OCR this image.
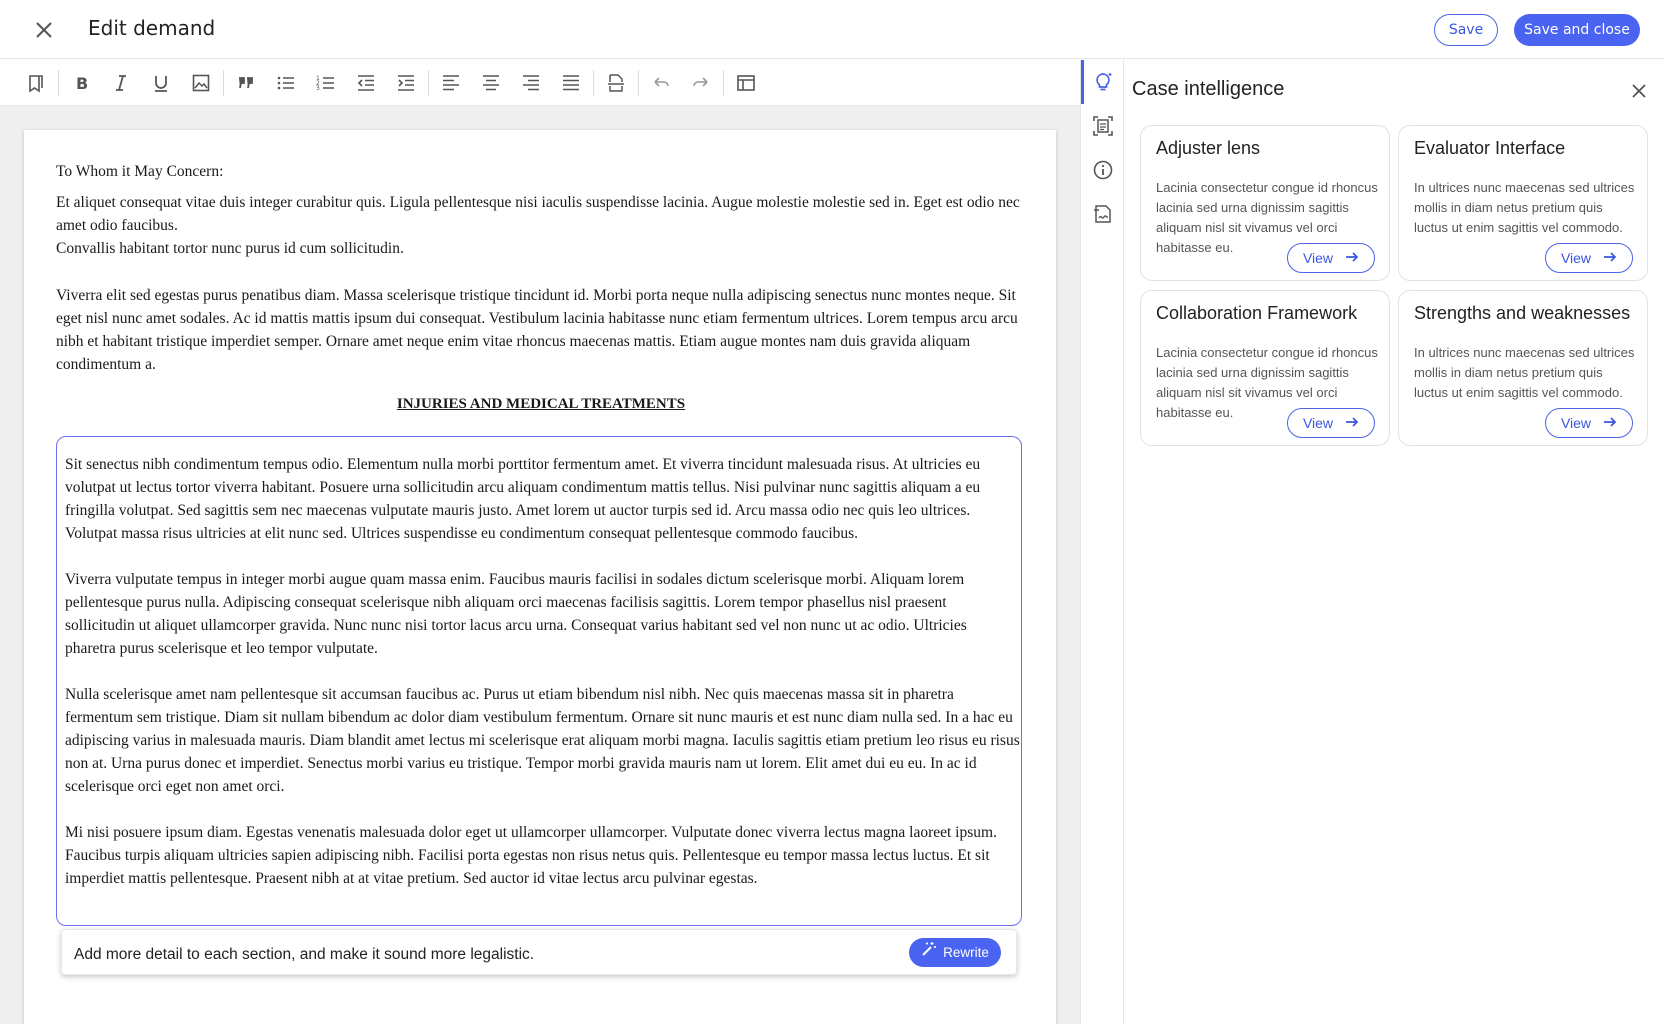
Edit demand	Save	Save and close
B	1
2
3
To Whom it May Concern:
Et aliquet consequat vitae duis integer curabitur quis. Ligula pellentesque nisi iaculis suspendisse lacinia. Augue molestie molestie sed in. Eget est odio nec amet odio faucibus.
Convallis habitant tortor nunc purus id cum sollicitudin.
Viverra elit sed egestas purus penatibus diam. Massa scelerisque tristique tincidunt id. Morbi porta neque nulla adipiscing senectus nunc montes neque. Sit eget nisl nunc amet sodales. Ac id mattis mattis ipsum dui consequat. Vestibulum lacinia habitasse nunc etiam fermentum ultrices. Lorem tempus arcu arcu nibh et habitant tristique imperdiet semper. Ornare amet neque enim vitae rhoncus maecenas mattis. Etiam augue montes nam duis gravida aliquam condimentum a.
INJURIES AND MEDICAL TREATMENTS

Sit senectus nibh condimentum tempus odio. Elementum nulla morbi porttitor fermentum amet. Et viverra tincidunt malesuada risus. At ultricies eu volutpat ut lectus tortor viverra habitant. Posuere urna sollicitudin arcu aliquam condimentum mattis tellus. Nisi pulvinar nunc sagittis aliquam a eu fringilla volutpat. Sed sagittis sem nec maecenas vulputate mauris justo. Amet lorem ut auctor turpis sed id. Arcu massa odio nec quis leo ultrices. Volutpat massa risus ultricies at elit nunc sed. Ultrices suspendisse eu condimentum consequat pellentesque commodo faucibus.

Viverra vulputate tempus in integer morbi augue quam massa enim. Faucibus mauris facilisi in sodales dictum scelerisque morbi. Aliquam lorem pellentesque purus nulla. Adipiscing consequat scelerisque nibh aliquam orci maecenas facilisis sagittis. Lorem tempor phasellus nisl praesent sollicitudin ut aliquet ullamcorper gravida. Nunc nunc nisi tortor lacus arcu urna. Consequat varius habitant sed vel non nunc ut ac odio. Ultricies pharetra purus scelerisque et leo tempor vulputate.

Nulla scelerisque amet nam pellentesque sit accumsan faucibus ac. Purus ut etiam bibendum nisl nibh. Nec quis maecenas massa sit in pharetra fermentum sem tristique. Diam sit nullam bibendum ac dolor diam vestibulum fermentum. Ornare sit nunc mauris et est nunc diam nulla sed. In a hac eu adipiscing varius in malesuada mauris. Diam blandit amet lectus mi scelerisque erat aliquam morbi magna. Iaculis sagittis etiam pretium leo risus eu risus non at. Urna purus donec et imperdiet. Senectus morbi varius eu tristique. Tempor morbi gravida mauris nam ut lorem. Elit amet dui eu eu. In ac id scelerisque orci eget non amet orci.

Mi nisi posuere ipsum diam. Egestas venenatis malesuada dolor eget ut ullamcorper ullamcorper. Vulputate donec viverra lectus magna laoreet ipsum. Faucibus turpis aliquam ultricies sapien adipiscing nibh. Facilisi porta egestas non risus netus quis. Pellentesque eu tempor massa lectus luctus. Et sit imperdiet mattis pellentesque. Praesent nibh at at vitae pretium. Sed auctor id vitae lectus arcu pulvinar egestas.

Add more detail to each section, and make it sound more legalistic.	Rewrite
Case intelligence
Adjuster lens
Lacinia consectetur congue id rhoncus lacinia sed urna dignissim sagittis aliquam nisl sit vivamus vel orci habitasse eu.
View
Evaluator Interface
In ultrices nunc maecenas sed ultrices mollis in diam netus pretium quis luctus ut enim sagittis vel commodo.
View
Collaboration Framework
Lacinia consectetur congue id rhoncus lacinia sed urna dignissim sagittis aliquam nisl sit vivamus vel orci habitasse eu.
View
Strengths and weaknesses
In ultrices nunc maecenas sed ultrices mollis in diam netus pretium quis luctus ut enim sagittis vel commodo.
View
